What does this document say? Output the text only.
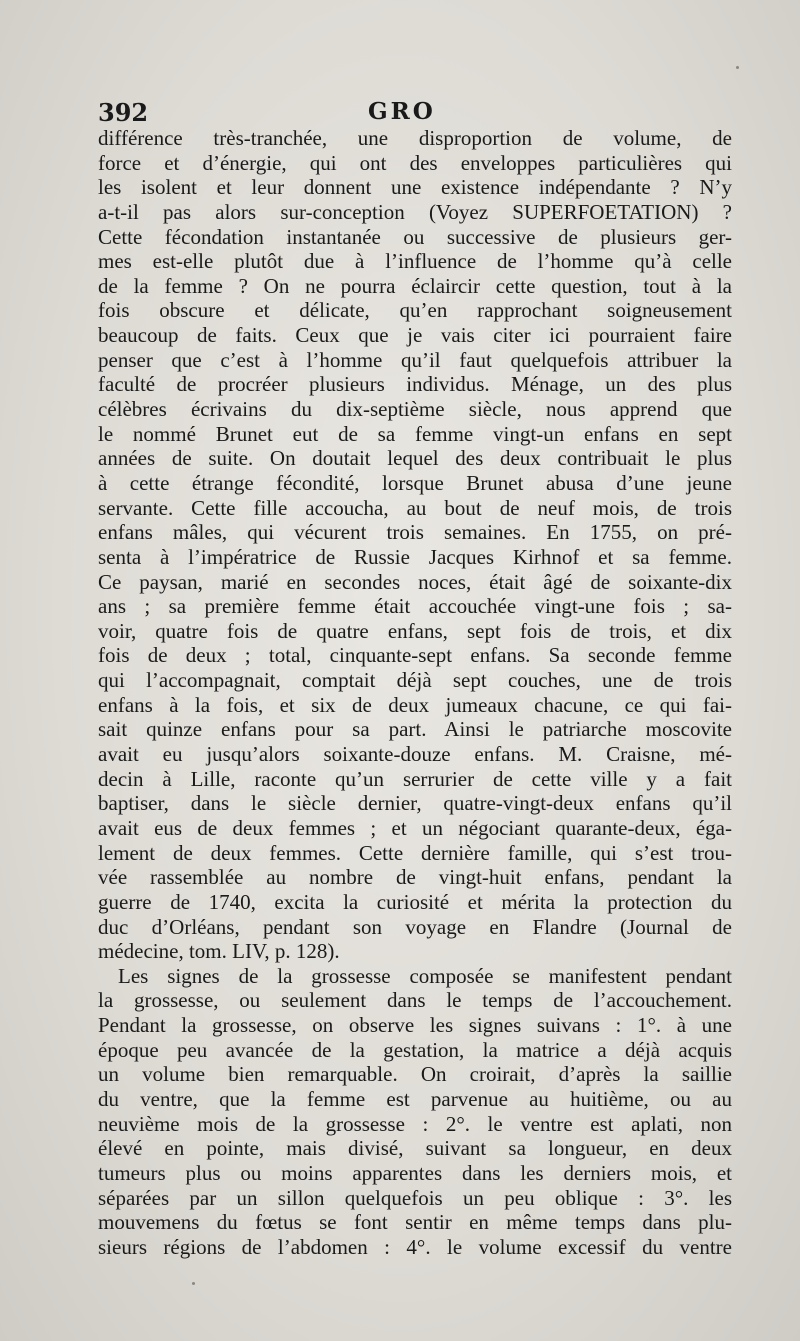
392	GRO
différence très-tranchée, une disproportion de volume, de
force et d’énergie, qui ont des enveloppes particulières qui
les isolent et leur donnent une existence indépendante ? N’y
a-t-il pas alors sur-conception (Voyez SUPERFOETATION) ?
Cette fécondation instantanée ou successive de plusieurs ger-
mes est-elle plutôt due à l’influence de l’homme qu’à celle
de la femme ? On ne pourra éclaircir cette question, tout à la
fois obscure et délicate, qu’en rapprochant soigneusement
beaucoup de faits. Ceux que je vais citer ici pourraient faire
penser que c’est à l’homme qu’il faut quelquefois attribuer la
faculté de procréer plusieurs individus. Ménage, un des plus
célèbres écrivains du dix-septième siècle, nous apprend que
le nommé Brunet eut de sa femme vingt-un enfans en sept
années de suite. On doutait lequel des deux contribuait le plus
à cette étrange fécondité, lorsque Brunet abusa d’une jeune
servante. Cette fille accoucha, au bout de neuf mois, de trois
enfans mâles, qui vécurent trois semaines. En 1755, on pré-
senta à l’impératrice de Russie Jacques Kirhnof et sa femme.
Ce paysan, marié en secondes noces, était âgé de soixante-dix
ans ; sa première femme était accouchée vingt-une fois ; sa-
voir, quatre fois de quatre enfans, sept fois de trois, et dix
fois de deux ; total, cinquante-sept enfans. Sa seconde femme
qui l’accompagnait, comptait déjà sept couches, une de trois
enfans à la fois, et six de deux jumeaux chacune, ce qui fai-
sait quinze enfans pour sa part. Ainsi le patriarche moscovite
avait eu jusqu’alors soixante-douze enfans. M. Craisne, mé-
decin à Lille, raconte qu’un serrurier de cette ville y a fait
baptiser, dans le siècle dernier, quatre-vingt-deux enfans qu’il
avait eus de deux femmes ; et un négociant quarante-deux, éga-
lement de deux femmes. Cette dernière famille, qui s’est trou-
vée rassemblée au nombre de vingt-huit enfans, pendant la
guerre de 1740, excita la curiosité et mérita la protection du
duc d’Orléans, pendant son voyage en Flandre (Journal de
médecine, tom. LIV, p. 128).
Les signes de la grossesse composée se manifestent pendant
la grossesse, ou seulement dans le temps de l’accouchement.
Pendant la grossesse, on observe les signes suivans : 1°. à une
époque peu avancée de la gestation, la matrice a déjà acquis
un volume bien remarquable. On croirait, d’après la saillie
du ventre, que la femme est parvenue au huitième, ou au
neuvième mois de la grossesse : 2°. le ventre est aplati, non
élevé en pointe, mais divisé, suivant sa longueur, en deux
tumeurs plus ou moins apparentes dans les derniers mois, et
séparées par un sillon quelquefois un peu oblique : 3°. les
mouvemens du fœtus se font sentir en même temps dans plu-
sieurs régions de l’abdomen : 4°. le volume excessif du ventre
